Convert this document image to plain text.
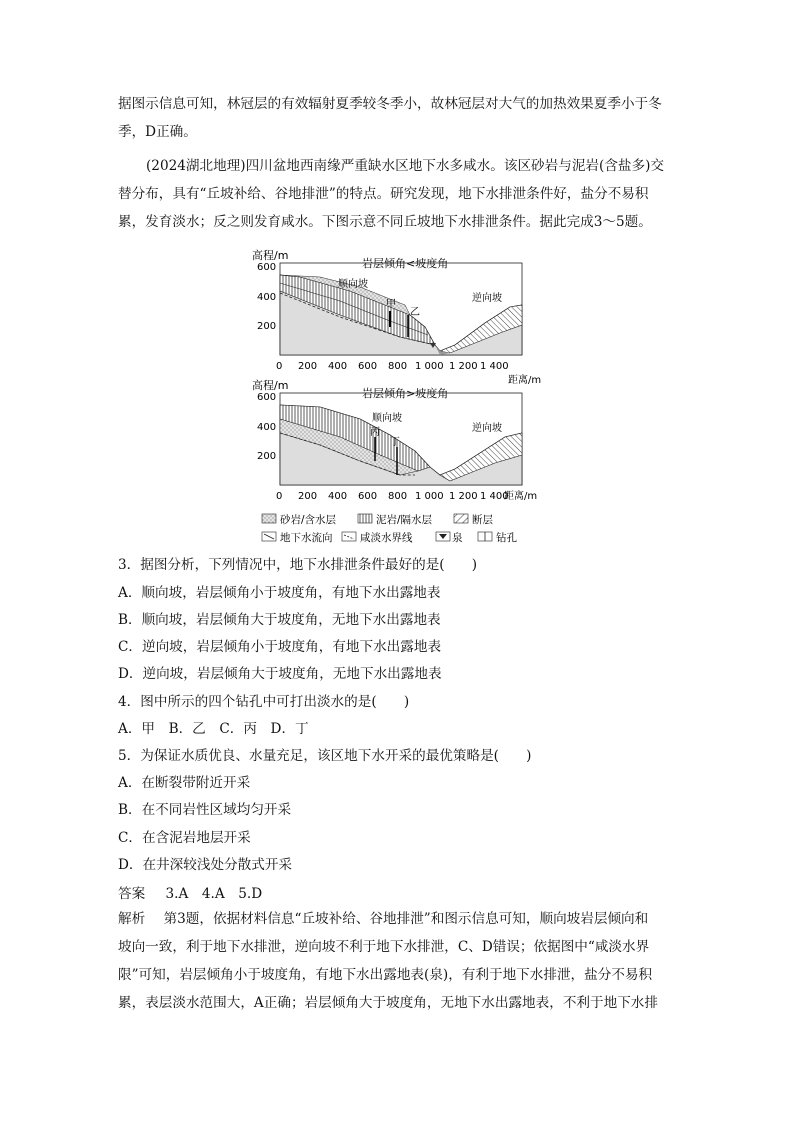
据图示信息可知，林冠层的有效辐射夏季较冬季小，故林冠层对大气的加热效果夏季小于冬
季，D正确。
(2024湖北地理)四川盆地西南缘严重缺水区地下水多咸水。该区砂岩与泥岩(含盐多)交
替分布，具有“丘坡补给、谷地排泄”的特点。研究发现，地下水排泄条件好，盐分不易积
累，发育淡水；反之则发育咸水。下图示意不同丘坡地下水排泄条件。据此完成3～5题。
高程/m
岩层倾角<坡度角
顺向坡
逆向坡
甲
乙
600
400
200
0 200 400 600 800 1 000 1 200 1 400
距离/m
高程/m
岩层倾角>坡度角
顺向坡
逆向坡
丙
丁
600
400
200
0 200 400 600 800 1 000 1 200 1 400
距离/m
砂岩/含水层	泥岩/隔水层	断层
地下水流向	咸淡水界线	泉	钻孔
3．据图分析，下列情况中，地下水排泄条件最好的是(　　)
A．顺向坡，岩层倾角小于坡度角，有地下水出露地表
B．顺向坡，岩层倾角大于坡度角，无地下水出露地表
C．逆向坡，岩层倾角小于坡度角，有地下水出露地表
D．逆向坡，岩层倾角大于坡度角，无地下水出露地表
4．图中所示的四个钻孔中可打出淡水的是(　　)
A．甲　B．乙　C．丙　D．丁
5．为保证水质优良、水量充足，该区地下水开采的最优策略是(　　)
A．在断裂带附近开采
B．在不同岩性区域均匀开采
C．在含泥岩地层开采
D．在井深较浅处分散式开采
答案 3.A　4.A　5.D
解析 第3题，依据材料信息“丘坡补给、谷地排泄”和图示信息可知，顺向坡岩层倾向和
坡向一致，利于地下水排泄，逆向坡不利于地下水排泄，C、D错误；依据图中“咸淡水界
限”可知，岩层倾角小于坡度角，有地下水出露地表(泉)，有利于地下水排泄，盐分不易积
累，表层淡水范围大，A正确；岩层倾角大于坡度角，无地下水出露地表，不利于地下水排
